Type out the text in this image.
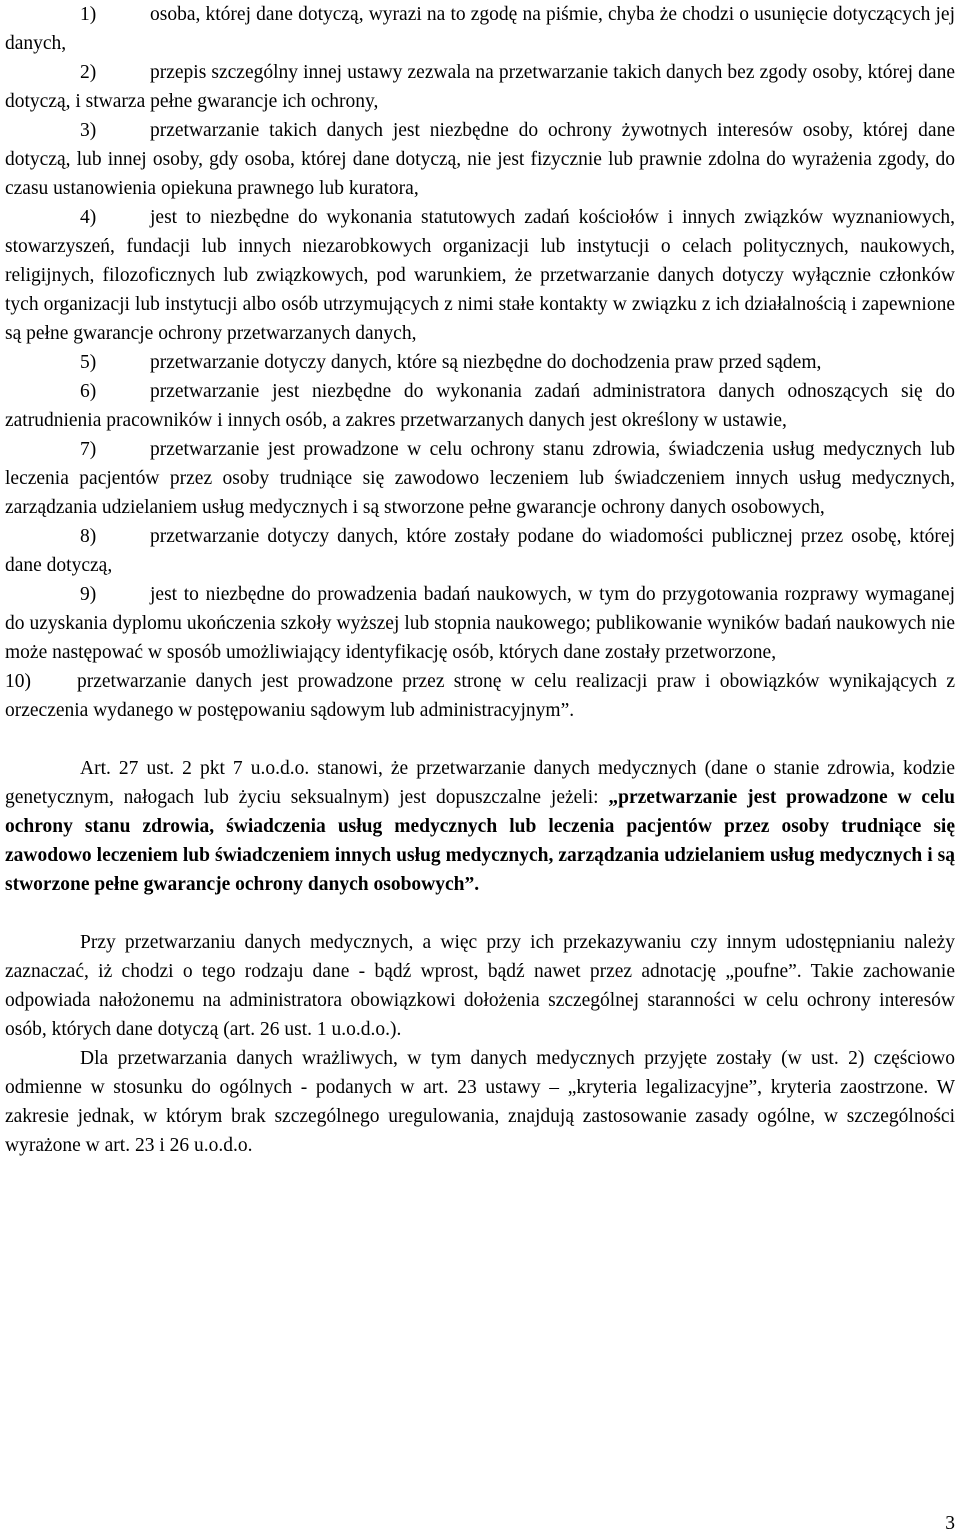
1)	osoba, której dane dotyczą, wyrazi na to zgodę na piśmie, chyba że chodzi o usunięcie dotyczących jej danych,

2)	przepis szczególny innej ustawy zezwala na przetwarzanie takich danych bez zgody osoby, której dane dotyczą, i stwarza pełne gwarancje ich ochrony,

3)	przetwarzanie takich danych jest niezbędne do ochrony żywotnych interesów osoby, której dane dotyczą, lub innej osoby, gdy osoba, której dane dotyczą, nie jest fizycznie lub prawnie zdolna do wyrażenia zgody, do czasu ustanowienia opiekuna prawnego lub kuratora,

4)	jest to niezbędne do wykonania statutowych zadań kościołów i innych związków wyznaniowych, stowarzyszeń, fundacji lub innych niezarobkowych organizacji lub instytucji o celach politycznych, naukowych, religijnych, filozoficznych lub związkowych, pod warunkiem, że przetwarzanie danych dotyczy wyłącznie członków tych organizacji lub instytucji albo osób utrzymujących z nimi stałe kontakty w związku z ich działalnością i zapewnione są pełne gwarancje ochrony przetwarzanych danych,

5)	przetwarzanie dotyczy danych, które są niezbędne do dochodzenia praw przed sądem,

6)	przetwarzanie jest niezbędne do wykonania zadań administratora danych odnoszących się do zatrudnienia pracowników i innych osób, a zakres przetwarzanych danych jest określony w ustawie,

7)	przetwarzanie jest prowadzone w celu ochrony stanu zdrowia, świadczenia usług medycznych lub leczenia pacjentów przez osoby trudniące się zawodowo leczeniem lub świadczeniem innych usług medycznych, zarządzania udzielaniem usług medycznych i są stworzone pełne gwarancje ochrony danych osobowych,

8)	przetwarzanie dotyczy danych, które zostały podane do wiadomości publicznej przez osobę, której dane dotyczą,

9)	jest to niezbędne do prowadzenia badań naukowych, w tym do przygotowania rozprawy wymaganej do uzyskania dyplomu ukończenia szkoły wyższej lub stopnia naukowego; publikowanie wyników badań naukowych nie może następować w sposób umożliwiający identyfikację osób, których dane zostały przetworzone,

10) przetwarzanie danych jest prowadzone przez stronę w celu realizacji praw i obowiązków wynikających z orzeczenia wydanego w postępowaniu sądowym lub administracyjnym”.

Art. 27 ust. 2 pkt 7 u.o.d.o. stanowi, że przetwarzanie danych medycznych (dane o stanie zdrowia, kodzie genetycznym, nałogach lub życiu seksualnym) jest dopuszczalne jeżeli: „przetwarzanie jest prowadzone w celu ochrony stanu zdrowia, świadczenia usług medycznych lub leczenia pacjentów przez osoby trudniące się zawodowo leczeniem lub świadczeniem innych usług medycznych, zarządzania udzielaniem usług medycznych i są stworzone pełne gwarancje ochrony danych osobowych”.

Przy przetwarzaniu danych medycznych, a więc przy ich przekazywaniu czy innym udostępnianiu należy zaznaczać, iż chodzi o tego rodzaju dane - bądź wprost, bądź nawet przez adnotację „poufne”. Takie zachowanie odpowiada nałożonemu na administratora obowiązkowi dołożenia szczególnej staranności w celu ochrony interesów osób, których dane dotyczą (art. 26 ust. 1 u.o.d.o.).

Dla przetwarzania danych wrażliwych, w tym danych medycznych przyjęte zostały (w ust. 2) częściowo odmienne w stosunku do ogólnych - podanych w art. 23 ustawy – „kryteria legalizacyjne”, kryteria zaostrzone. W zakresie jednak, w którym brak szczególnego uregulowania, znajdują zastosowanie zasady ogólne, w szczególności wyrażone w art. 23 i 26 u.o.d.o.

3
